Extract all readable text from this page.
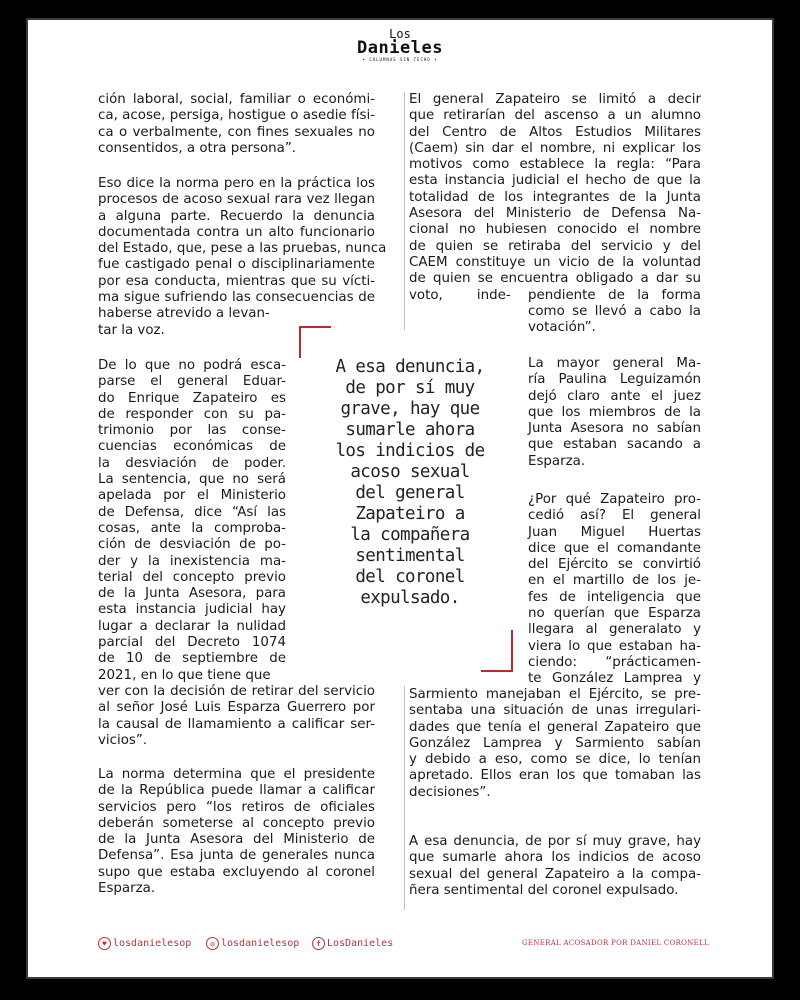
Los
Danieles
• COLUMNAS SIN TECHO •
ción laboral, social, familiar o económi-
ca, acose, persiga, hostigue o asedie físi-
ca o verbalmente, con fines sexuales no
consentidos, a otra persona”.
Eso dice la norma pero en la práctica los
procesos de acoso sexual rara vez llegan
a alguna parte. Recuerdo la denuncia
documentada contra un alto funcionario
del Estado, que, pese a las pruebas, nunca
fue castigado penal o disciplinariamente
por esa conducta, mientras que su vícti-
ma sigue sufriendo las consecuencias de
haberse atrevido a levan-
tar la voz.
De lo que no podrá esca-
parse el general Eduar-
do Enrique Zapateiro es
de responder con su pa-
trimonio por las conse-
cuencias económicas de
la desviación de poder.
La sentencia, que no será
apelada por el Ministerio
de Defensa, dice “Así las
cosas, ante la comproba-
ción de desviación de po-
der y la inexistencia ma-
terial del concepto previo
de la Junta Asesora, para
esta instancia judicial hay
lugar a declarar la nulidad
parcial del Decreto 1074
de 10 de septiembre de
2021, en lo que tiene que
ver con la decisión de retirar del servicio
al señor José Luis Esparza Guerrero por
la causal de llamamiento a calificar ser-
vicios”.
La norma determina que el presidente
de la República puede llamar a calificar
servicios pero “los retiros de oficiales
deberán someterse al concepto previo
de la Junta Asesora del Ministerio de
Defensa”. Esa junta de generales nunca
supo que estaba excluyendo al coronel
Esparza.
El general Zapateiro se limitó a decir
que retirarían del ascenso a un alumno
del Centro de Altos Estudios Militares
(Caem) sin dar el nombre, ni explicar los
motivos como establece la regla: “Para
esta instancia judicial el hecho de que la
totalidad de los integrantes de la Junta
Asesora del Ministerio de Defensa Na-
cional no hubiesen conocido el nombre
de quien se retiraba del servicio y del
CAEM constituye un vicio de la voluntad
de quien se encuentra obligado a dar su
voto,        inde- pendiente de la forma
como se llevó a cabo la
votación”.
La mayor general Ma-
ría Paulina Leguizamón
dejó claro ante el juez
que los miembros de la
Junta Asesora no sabían
que estaban sacando a
Esparza.
¿Por qué Zapateiro pro-
cedió así? El general
Juan Miguel Huertas
dice que el comandante
del Ejército se convirtió
en el martillo de los je-
fes de inteligencia que
no querían que Esparza
llegara al generalato y
viera lo que estaban ha-
ciendo: “prácticamen-
te González Lamprea y
Sarmiento manejaban el Ejército, se pre-
sentaba una situación de unas irregulari-
dades que tenía el general Zapateiro que
González Lamprea y Sarmiento sabían
y debido a eso, como se dice, lo tenían
apretado. Ellos eran los que tomaban las
decisiones”.
A esa denuncia, de por sí muy grave, hay
que sumarle ahora los indicios de acoso
sexual del general Zapateiro a la compa-
ñera sentimental del coronel expulsado.
A esa denuncia,
de por sí muy
grave, hay que
sumarle ahora
los indicios de
acoso sexual
del general
Zapateiro a
la compañera
sentimental
del coronel
expulsado.
♥ losdanielesop	◎ losdanielesop	f LosDanieles	GENERAL ACOSADOR POR DANIEL CORONELL
